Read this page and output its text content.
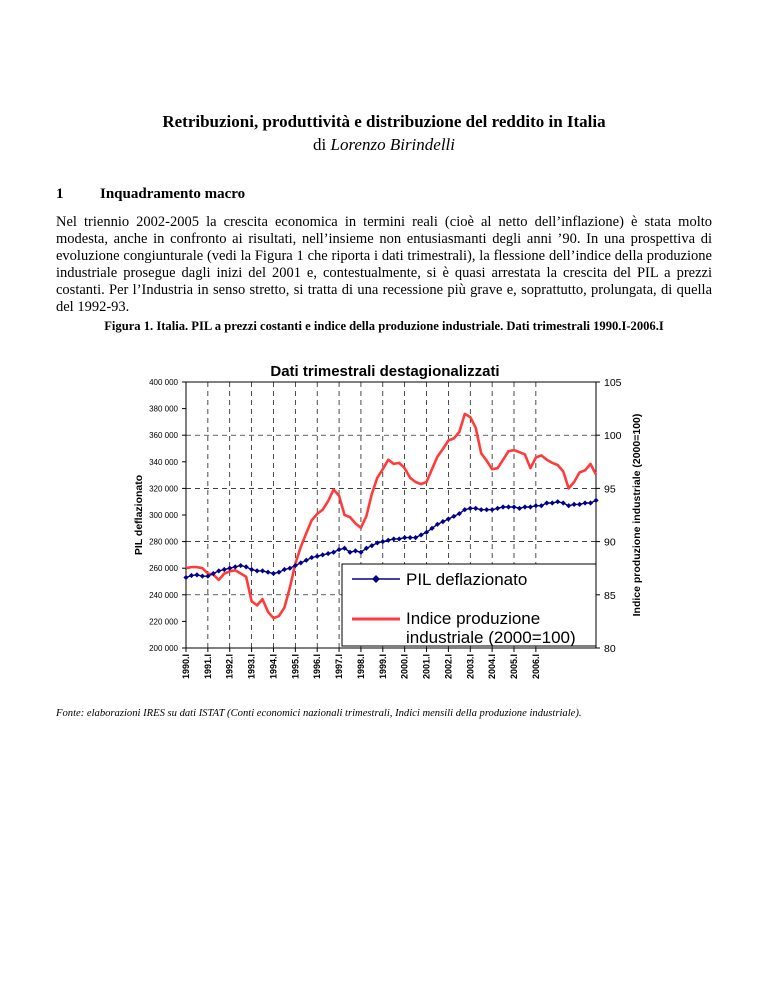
Retribuzioni, produttività e distribuzione del reddito in Italia
di Lorenzo Birindelli
1 Inquadramento macro
Nel triennio 2002-2005 la crescita economica in termini reali (cioè al netto dell’inflazione) è stata molto modesta, anche in confronto ai risultati, nell’insieme non entusiasmanti degli anni ’90. In una prospettiva di evoluzione congiunturale (vedi la Figura 1 che riporta i dati trimestrali), la flessione dell’indice della produzione industriale prosegue dagli inizi del 2001 e, contestualmente, si è quasi arrestata la crescita del PIL a prezzi costanti. Per l’Industria in senso stretto, si tratta di una recessione più grave e, soprattutto, prolungata, di quella del 1992-93.
Figura 1. Italia. PIL a prezzi costanti e indice della produzione industriale. Dati trimestrali 1990.I-2006.I
Dati trimestrali destagionalizzati
200 000
220 000
240 000
260 000
280 000
300 000
320 000
340 000
360 000
380 000
400 000
80
85
90
95
100
105
1990.I 1991.I 1992.I 1993.I 1994.I 1995.I 1996.I 1997.I 1998.I 1999.I 2000.I 2001.I 2002.I 2003.I 2004.I 2005.I 2006.I
PIL deflazionato	Indice produzione industriale (2000=100)
PIL deflazionato
Indice produzione industriale (2000=100)
Fonte: elaborazioni IRES su dati ISTAT (Conti economici nazionali trimestrali, Indici mensili della produzione industriale).
